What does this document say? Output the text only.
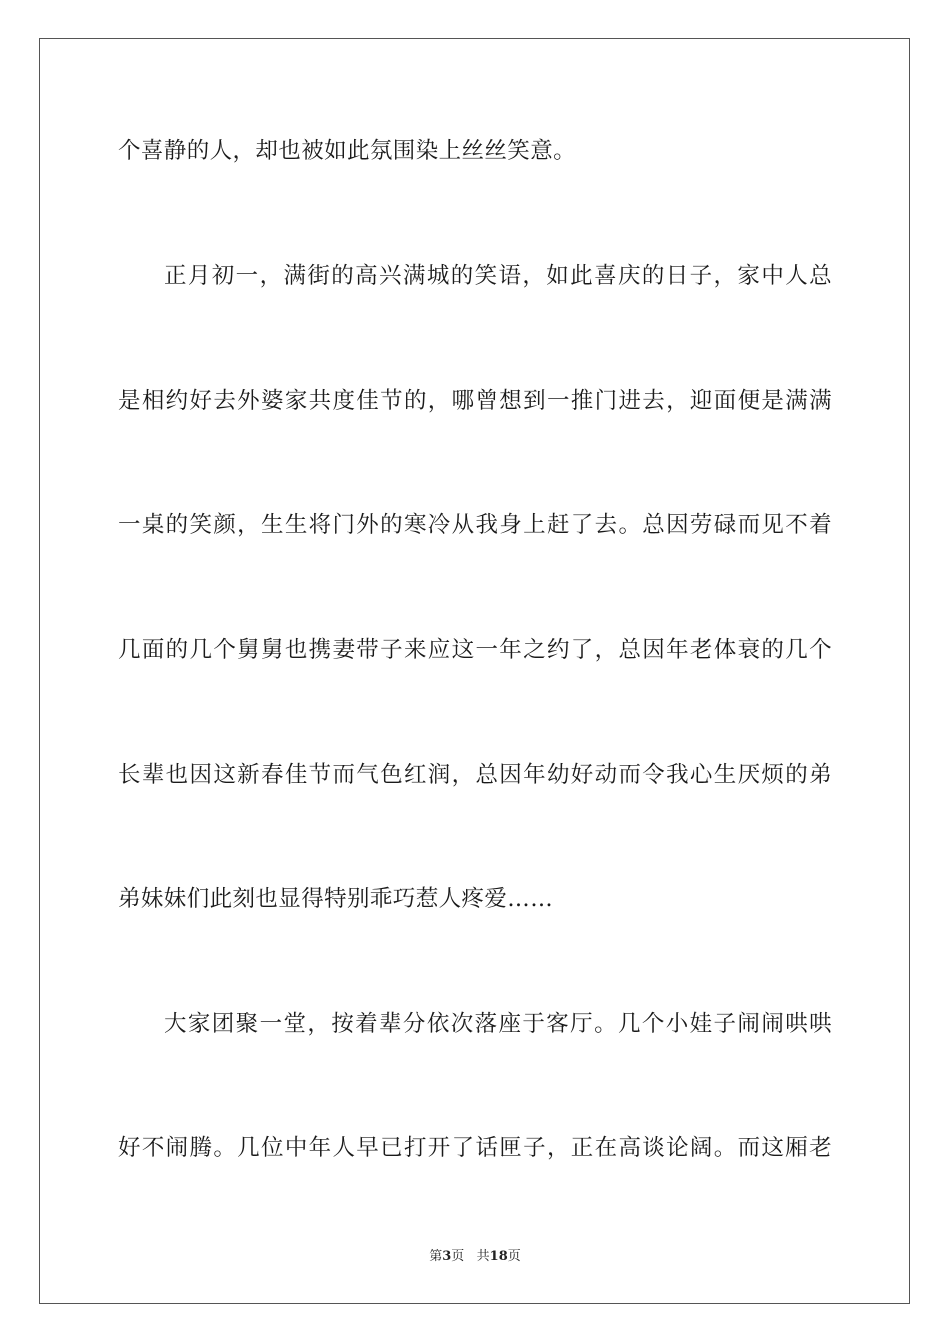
个喜静的人，却也被如此氛围染上丝丝笑意。
正月初一，满街的高兴满城的笑语，如此喜庆的日子，家中人总
是相约好去外婆家共度佳节的，哪曾想到一推门进去，迎面便是满满
一桌的笑颜，生生将门外的寒冷从我身上赶了去。总因劳碌而见不着
几面的几个舅舅也携妻带子来应这一年之约了，总因年老体衰的几个
长辈也因这新春佳节而气色红润，总因年幼好动而令我心生厌烦的弟
弟妹妹们此刻也显得特别乖巧惹人疼爱……
大家团聚一堂，按着辈分依次落座于客厅。几个小娃子闹闹哄哄
好不闹腾。几位中年人早已打开了话匣子，正在高谈论阔。而这厢老
第3页   共18页
